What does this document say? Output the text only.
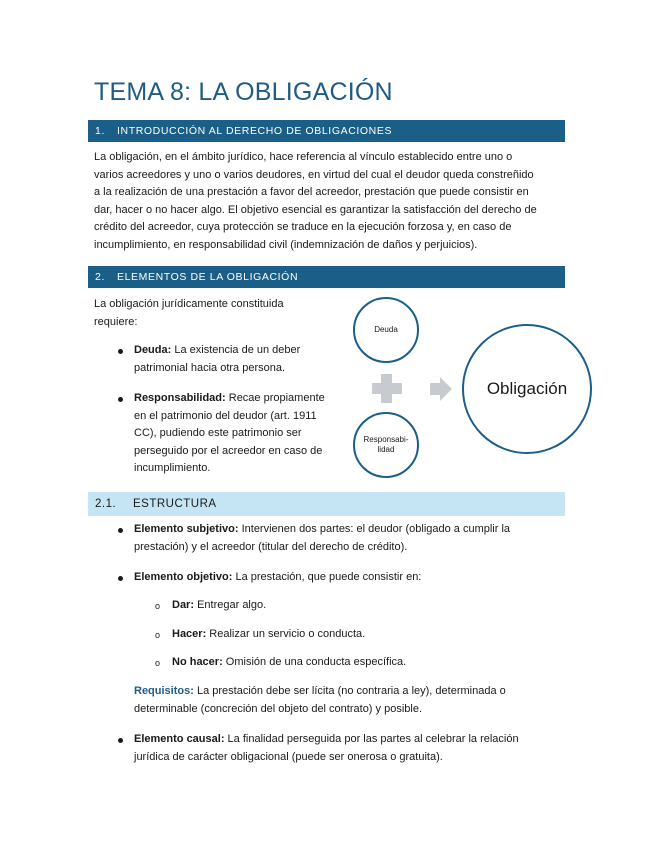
TEMA 8: LA OBLIGACIÓN
1. INTRODUCCIÓN AL DERECHO DE OBLIGACIONES
La obligación, en el ámbito jurídico, hace referencia al vínculo establecido entre uno o
varios acreedores y uno o varios deudores, en virtud del cual el deudor queda constreñido
a la realización de una prestación a favor del acreedor, prestación que puede consistir en
dar, hacer o no hacer algo. El objetivo esencial es garantizar la satisfacción del derecho de
crédito del acreedor, cuya protección se traduce en la ejecución forzosa y, en caso de
incumplimiento, en responsabilidad civil (indemnización de daños y perjuicios).
2. ELEMENTOS DE LA OBLIGACIÓN
La obligación jurídicamente constituida
requiere:
Deuda: La existencia de un deber
patrimonial hacia otra persona.
Responsabilidad: Recae propiamente
en el patrimonio del deudor (art. 1911
CC), pudiendo este patrimonio ser
perseguido por el acreedor en caso de
incumplimiento.
Deuda
Responsabi-
lidad
Obligación
2.1. ESTRUCTURA
Elemento subjetivo: Intervienen dos partes: el deudor (obligado a cumplir la
prestación) y el acreedor (titular del derecho de crédito).
Elemento objetivo: La prestación, que puede consistir en:
o Dar: Entregar algo.
o Hacer: Realizar un servicio o conducta.
o No hacer: Omisión de una conducta específica.
Requisitos: La prestación debe ser lícita (no contraria a ley), determinada o
determinable (concreción del objeto del contrato) y posible.
Elemento causal: La finalidad perseguida por las partes al celebrar la relación
jurídica de carácter obligacional (puede ser onerosa o gratuita).
